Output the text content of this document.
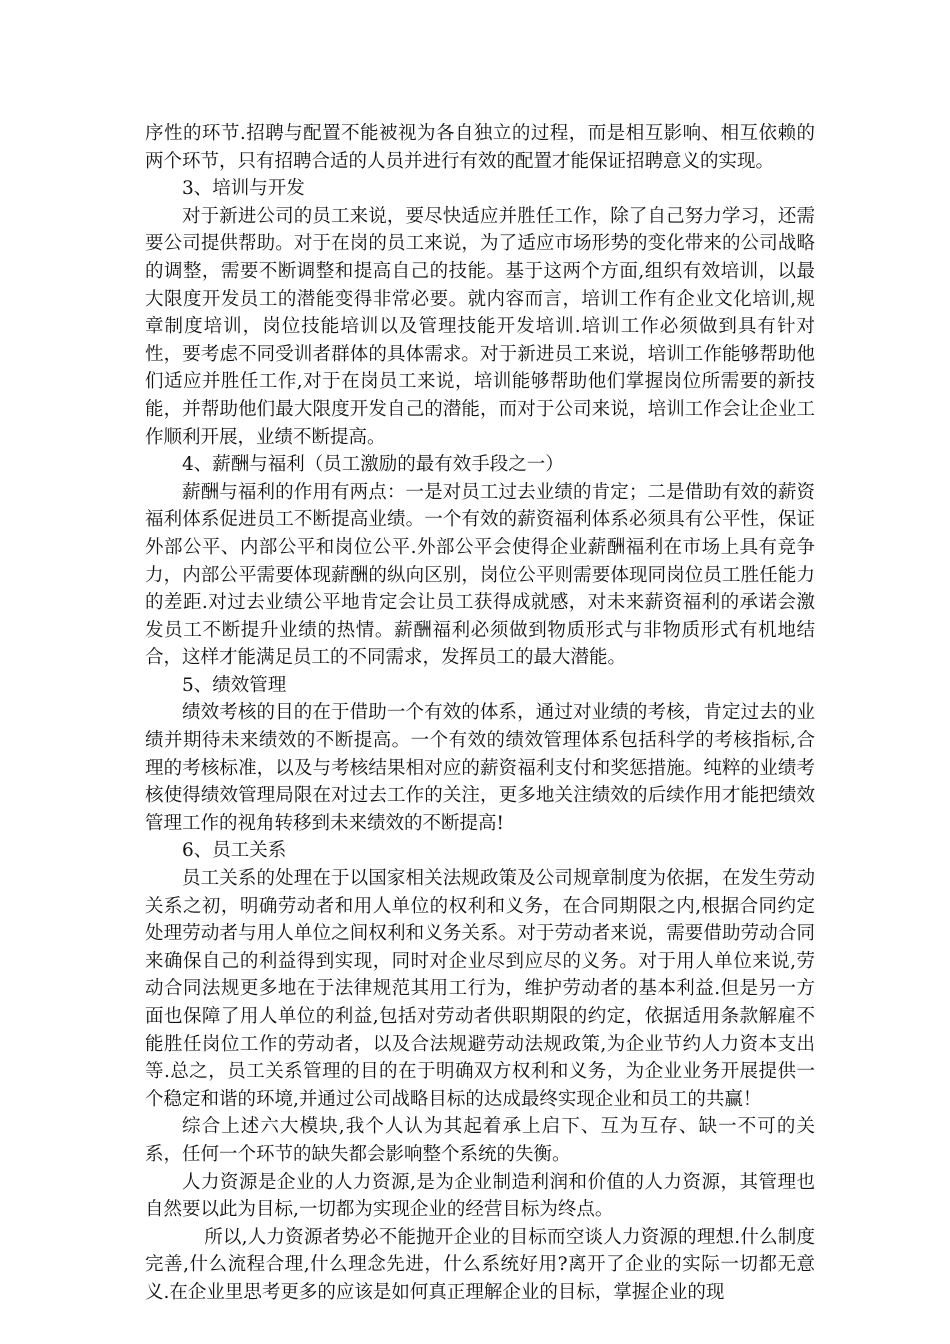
序性的环节.招聘与配置不能被视为各自独立的过程，而是相互影响、相互依赖的两个环节，只有招聘合适的人员并进行有效的配置才能保证招聘意义的实现。

3、培训与开发

对于新进公司的员工来说，要尽快适应并胜任工作，除了自己努力学习，还需要公司提供帮助。对于在岗的员工来说，为了适应市场形势的变化带来的公司战略的调整，需要不断调整和提高自己的技能。基于这两个方面,组织有效培训，以最大限度开发员工的潜能变得非常必要。就内容而言，培训工作有企业文化培训,规章制度培训，岗位技能培训以及管理技能开发培训.培训工作必须做到具有针对性，要考虑不同受训者群体的具体需求。对于新进员工来说，培训工作能够帮助他们适应并胜任工作,对于在岗员工来说，培训能够帮助他们掌握岗位所需要的新技能，并帮助他们最大限度开发自己的潜能，而对于公司来说，培训工作会让企业工作顺利开展，业绩不断提高。

4、薪酬与福利（员工激励的最有效手段之一）

薪酬与福利的作用有两点：一是对员工过去业绩的肯定；二是借助有效的薪资福利体系促进员工不断提高业绩。一个有效的薪资福利体系必须具有公平性，保证外部公平、内部公平和岗位公平.外部公平会使得企业薪酬福利在市场上具有竞争力，内部公平需要体现薪酬的纵向区别，岗位公平则需要体现同岗位员工胜任能力的差距.对过去业绩公平地肯定会让员工获得成就感，对未来薪资福利的承诺会激发员工不断提升业绩的热情。薪酬福利必须做到物质形式与非物质形式有机地结合，这样才能满足员工的不同需求，发挥员工的最大潜能。

5、绩效管理

绩效考核的目的在于借助一个有效的体系，通过对业绩的考核，肯定过去的业绩并期待未来绩效的不断提高。一个有效的绩效管理体系包括科学的考核指标,合理的考核标准，以及与考核结果相对应的薪资福利支付和奖惩措施。纯粹的业绩考核使得绩效管理局限在对过去工作的关注，更多地关注绩效的后续作用才能把绩效管理工作的视角转移到未来绩效的不断提高!

6、员工关系

员工关系的处理在于以国家相关法规政策及公司规章制度为依据，在发生劳动关系之初，明确劳动者和用人单位的权利和义务，在合同期限之内,根据合同约定处理劳动者与用人单位之间权利和义务关系。对于劳动者来说，需要借助劳动合同来确保自己的利益得到实现，同时对企业尽到应尽的义务。对于用人单位来说,劳动合同法规更多地在于法律规范其用工行为，维护劳动者的基本利益.但是另一方面也保障了用人单位的利益,包括对劳动者供职期限的约定，依据适用条款解雇不能胜任岗位工作的劳动者，以及合法规避劳动法规政策,为企业节约人力资本支出等.总之，员工关系管理的目的在于明确双方权利和义务，为企业业务开展提供一个稳定和谐的环境,并通过公司战略目标的达成最终实现企业和员工的共赢！

综合上述六大模块,我个人认为其起着承上启下、互为互存、缺一不可的关系，任何一个环节的缺失都会影响整个系统的失衡。

人力资源是企业的人力资源,是为企业制造利润和价值的人力资源，其管理也自然要以此为目标,一切都为实现企业的经营目标为终点。

所以,人力资源者势必不能抛开企业的目标而空谈人力资源的理想.什么制度完善,什么流程合理,什么理念先进，什么系统好用?离开了企业的实际一切都无意义.在企业里思考更多的应该是如何真正理解企业的目标，掌握企业的现
